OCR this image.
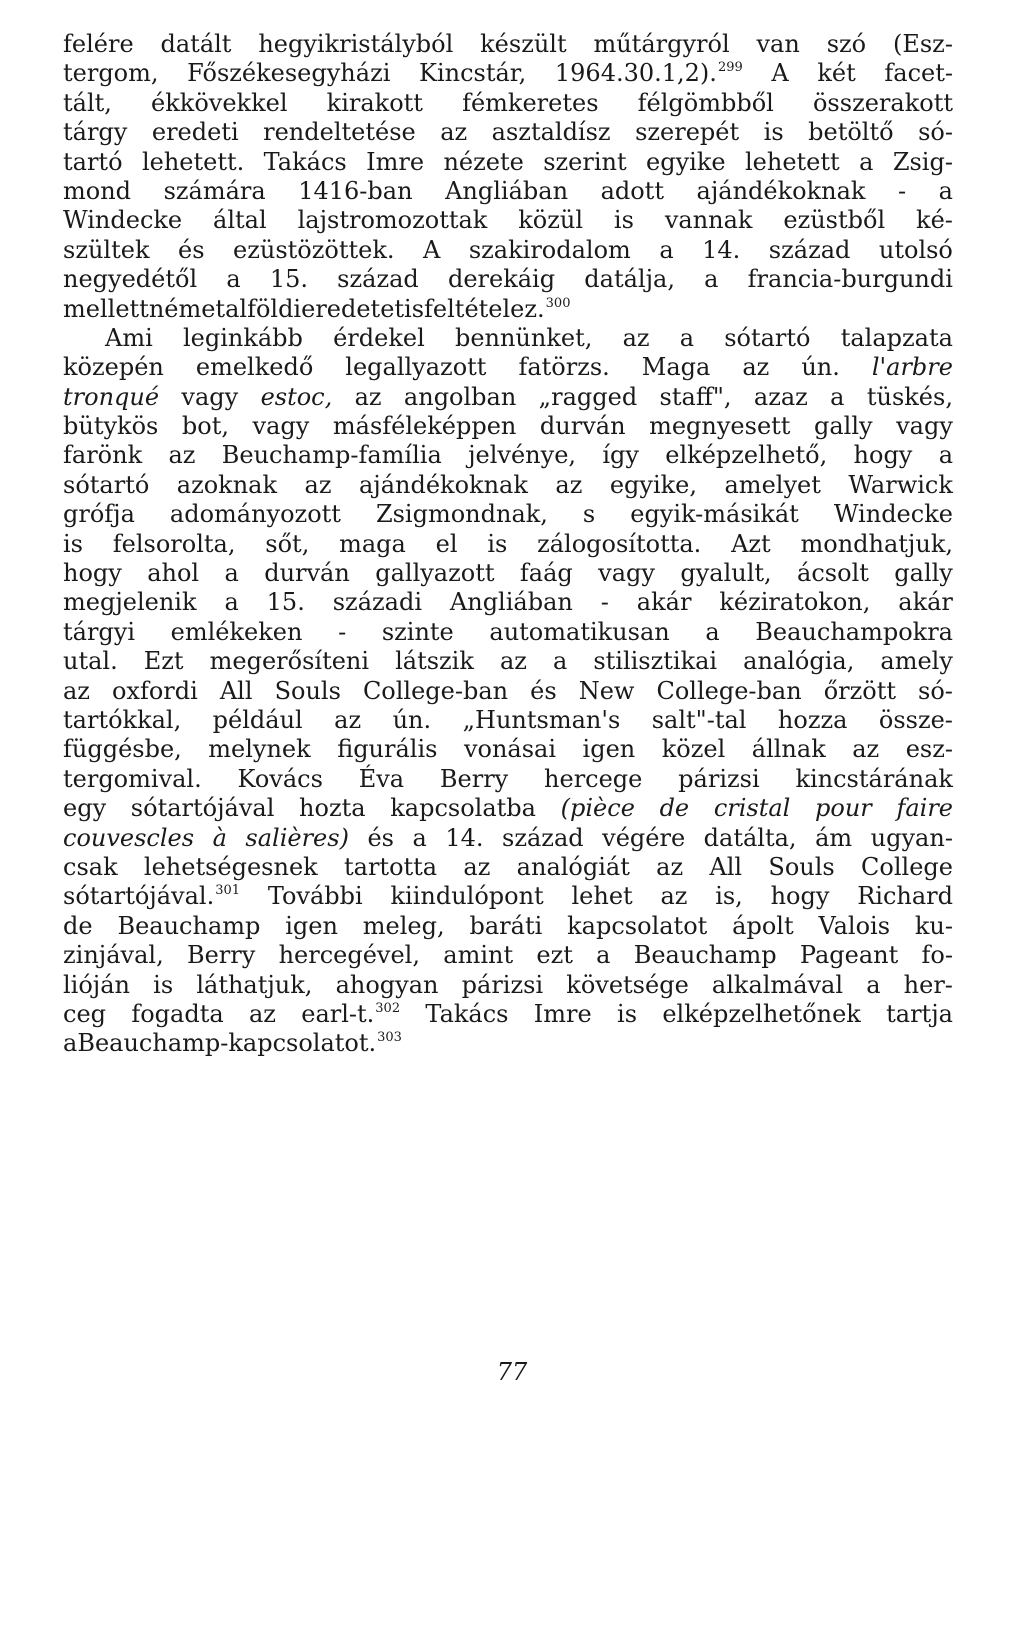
felére datált hegyikristályból készült műtárgyról van szó (Esz-
tergom, Főszékesegyházi Kincstár, 1964.30.1,2).$^{299}$ A két facet-
tált, ékkövekkel kirakott fémkeretes félgömbből összerakott
tárgy eredeti rendeltetése az asztaldísz szerepét is betöltő só-
tartó lehetett. Takács Imre nézete szerint egyike lehetett a Zsig-
mond számára 1416-ban Angliában adott ajándékoknak - a
Windecke által lajstromozottak közül is vannak ezüstből ké-
szültek és ezüstözöttek. A szakirodalom a 14. század utolsó
negyedétől a 15. század derekáig datálja, a francia-burgundi
mellett németalföldi eredetet is feltételez.$^{300}$
Ami leginkább érdekel bennünket, az a sótartó talapzata
közepén emelkedő legallyazott fatörzs. Maga az ún. l'arbre
tronqué vagy estoc, az angolban „ragged staff", azaz a tüskés,
bütykös bot, vagy másféleképpen durván megnyesett gally vagy
farönk az Beuchamp-família jelvénye, így elképzelhető, hogy a
sótartó azoknak az ajándékoknak az egyike, amelyet Warwick
grófja adományozott Zsigmondnak, s egyik-másikát Windecke
is felsorolta, sőt, maga el is zálogosította. Azt mondhatjuk,
hogy ahol a durván gallyazott faág vagy gyalult, ácsolt gally
megjelenik a 15. századi Angliában - akár kéziratokon, akár
tárgyi emlékeken - szinte automatikusan a Beauchampokra
utal. Ezt megerősíteni látszik az a stilisztikai analógia, amely
az oxfordi All Souls College-ban és New College-ban őrzött só-
tartókkal, például az ún. „Huntsman's salt"-tal hozza össze-
függésbe, melynek figurális vonásai igen közel állnak az esz-
tergomival. Kovács Éva Berry hercege párizsi kincstárának
egy sótartójával hozta kapcsolatba (pièce de cristal pour faire
couvescles à salières) és a 14. század végére datálta, ám ugyan-
csak lehetségesnek tartotta az analógiát az All Souls College
sótartójával.$^{301}$ További kiindulópont lehet az is, hogy Richard
de Beauchamp igen meleg, baráti kapcsolatot ápolt Valois ku-
zinjával, Berry hercegével, amint ezt a Beauchamp Pageant fo-
lióján is láthatjuk, ahogyan párizsi követsége alkalmával a her-
ceg fogadta az earl-t.$^{302}$ Takács Imre is elképzelhetőnek tartja
a Beauchamp-kapcsolatot.$^{303}$
77
